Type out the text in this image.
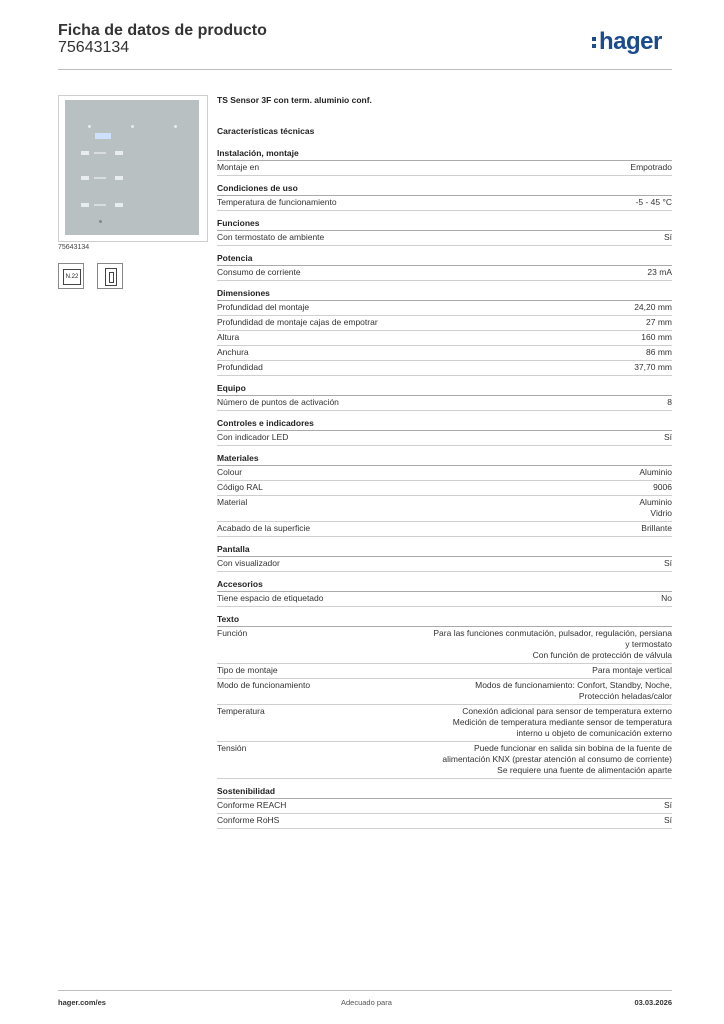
Ficha de datos de producto
75643134	hager
75643134
N.22
TS Sensor 3F con term. aluminio conf.
Características técnicas
Instalación, montaje
Montaje en	Empotrado
Condiciones de uso
Temperatura de funcionamiento	-5 - 45 °C
Funciones
Con termostato de ambiente	Sí
Potencia
Consumo de corriente	23 mA
Dimensiones
Profundidad del montaje	24,20 mm
Profundidad de montaje cajas de empotrar	27 mm
Altura	160 mm
Anchura	86 mm
Profundidad	37,70 mm
Equipo
Número de puntos de activación	8
Controles e indicadores
Con indicador LED	Sí
Materiales
Colour	Aluminio
Código RAL	9006
Material	Aluminio
Vidrio
Acabado de la superficie	Brillante
Pantalla
Con visualizador	Sí
Accesorios
Tiene espacio de etiquetado	No
Texto
Función	Para las funciones conmutación, pulsador, regulación, persiana
y termostato
Con función de protección de válvula
Tipo de montaje	Para montaje vertical
Modo de funcionamiento	Modos de funcionamiento: Confort, Standby, Noche,
Protección heladas/calor
Temperatura	Conexión adicional para sensor de temperatura externo
Medición de temperatura mediante sensor de temperatura
interno u objeto de comunicación externo
Tensión	Puede funcionar en salida sin bobina de la fuente de
alimentación KNX (prestar atención al consumo de corriente)
Se requiere una fuente de alimentación aparte
Sostenibilidad
Conforme REACH	Sí
Conforme RoHS	Sí
hager.com/es	Adecuado para	03.03.2026
